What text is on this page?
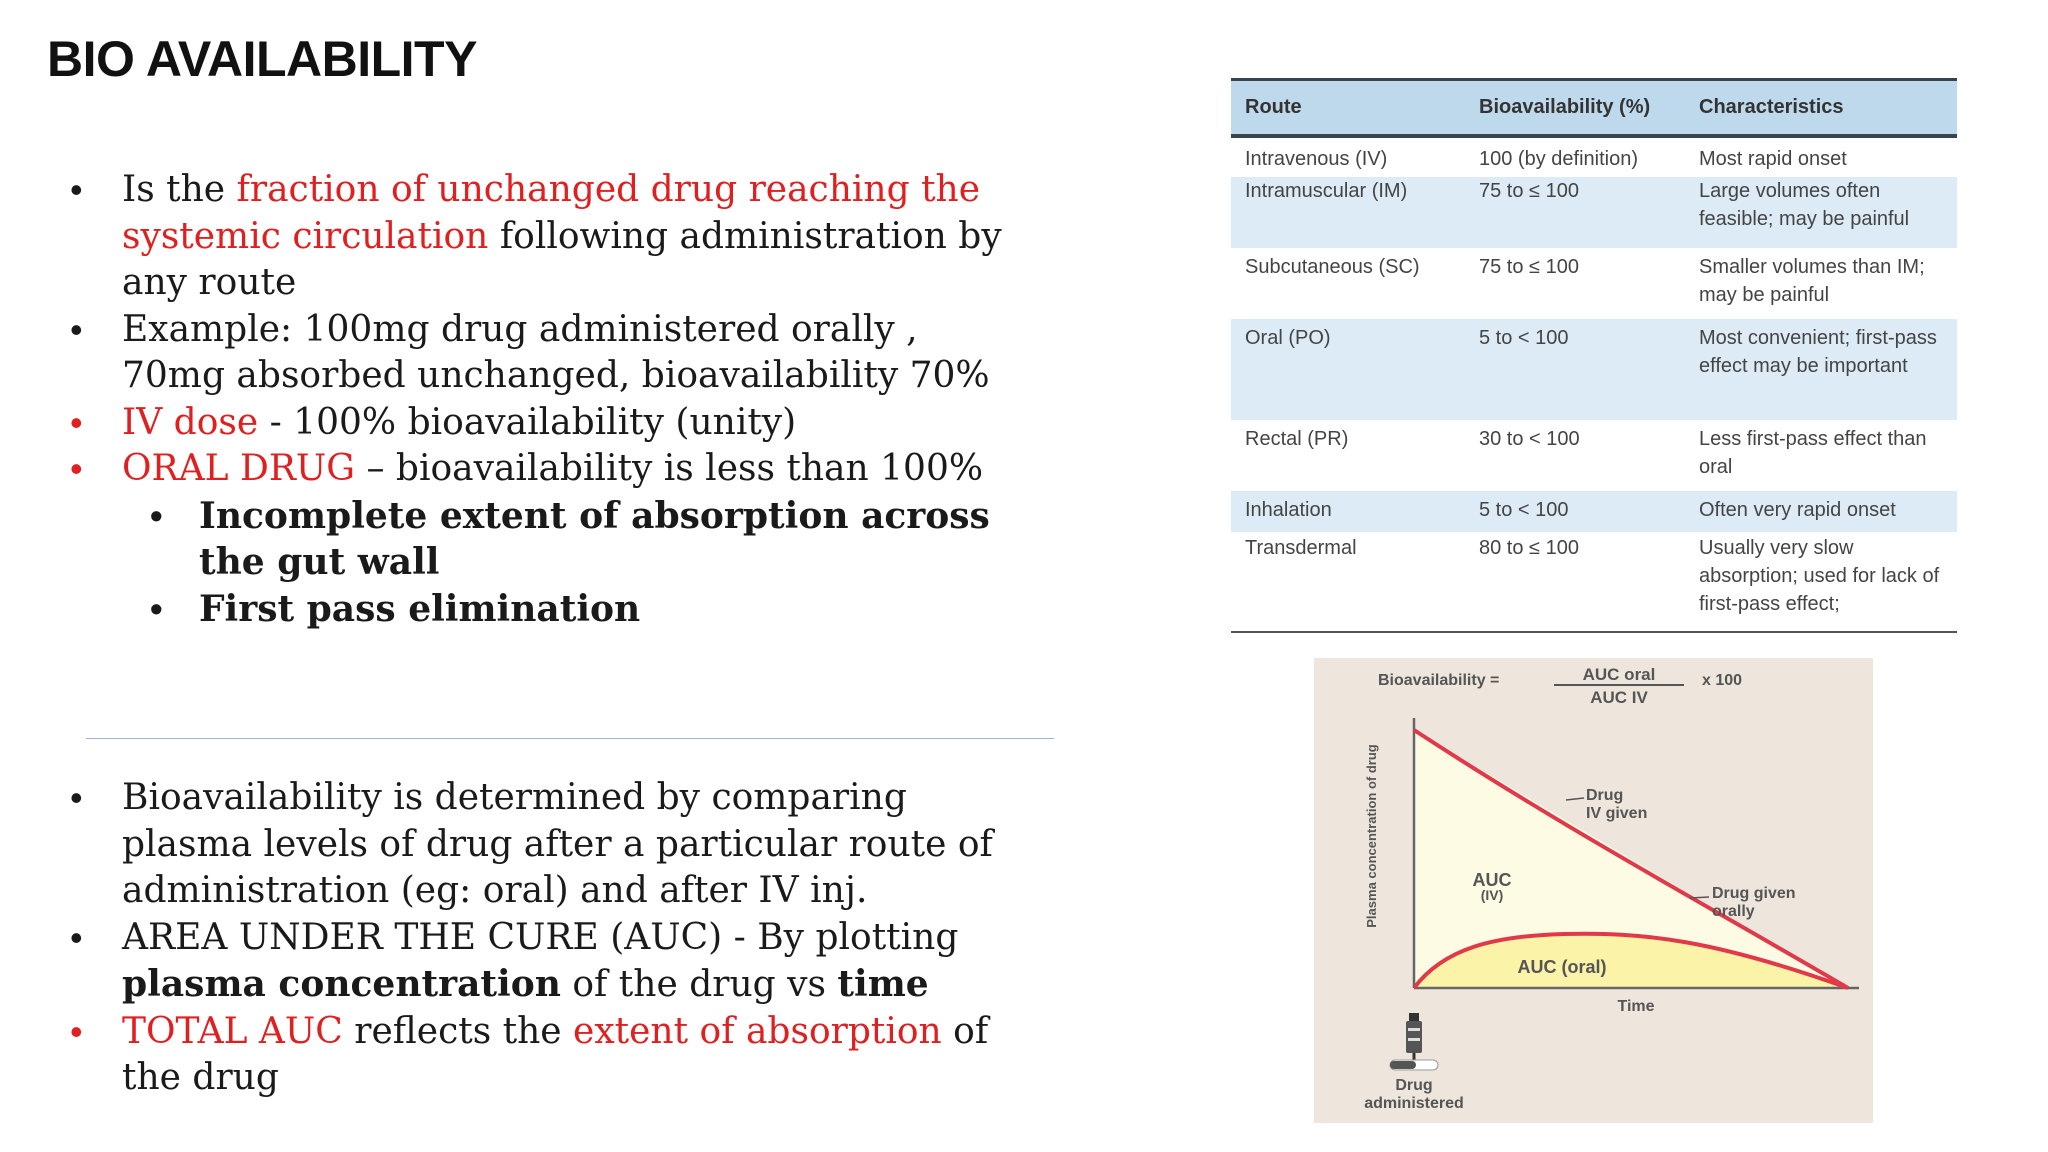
BIO AVAILABILITY
• Is the fraction of unchanged drug reaching the systemic circulation following administration by any route
• Example: 100mg drug administered orally , 70mg absorbed unchanged, bioavailability 70%
• IV dose - 100% bioavailability (unity)
• ORAL DRUG – bioavailability is less than 100%
• Incomplete extent of absorption across the gut wall
• First pass elimination
• Bioavailability is determined by comparing plasma levels of drug after a particular route of administration (eg: oral) and after IV inj.
• AREA UNDER THE CURE (AUC) - By plotting plasma concentration of the drug vs time
• TOTAL AUC reflects the extent of absorption of the drug
Route	Bioavailability (%)	Characteristics
Intravenous (IV)	100 (by definition)	Most rapid onset
Intramuscular (IM)	75 to ≤ 100	Large volumes often feasible; may be painful
Subcutaneous (SC)	75 to ≤ 100	Smaller volumes than IM; may be painful
Oral (PO)	5 to < 100	Most convenient; first-pass effect may be important
Rectal (PR)	30 to < 100	Less first-pass effect than oral
Inhalation	5 to < 100	Often very rapid onset
Transdermal	80 to ≤ 100	Usually very slow absorption; used for lack of first-pass effect;
Bioavailability =	AUC oral
AUC IV
x 100
Plasma concentration of drug	Drug
IV given
Drug given
orally
AUC
(IV)
AUC (oral)
Time
Drug
administered
